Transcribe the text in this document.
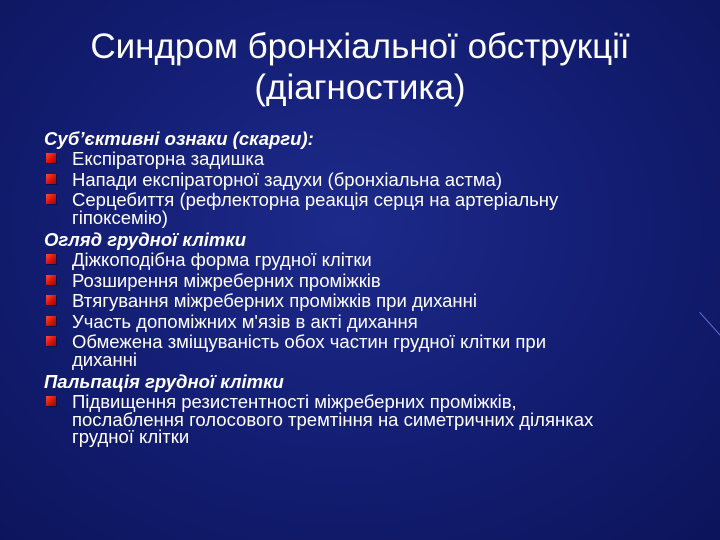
Синдром бронхіальної обструкції
(діагностика)
Суб’єктивні ознаки (скарги):
Експіраторна задишка
Напади експіраторної задухи (бронхіальна астма)
Серцебиття (рефлекторна реакція серця на артеріальну
гіпоксемію)
Огляд грудної клітки
Діжкоподібна форма грудної клітки
Розширення міжреберних проміжків
Втягування міжреберних проміжків при диханні
Участь допоміжних м'язів в акті дихання
Обмежена зміщуваність обох частин грудної клітки при
диханні
Пальпація грудної клітки
Підвищення резистентності міжреберних проміжків,
послаблення голосового тремтіння на симетричних ділянках
грудної клітки
